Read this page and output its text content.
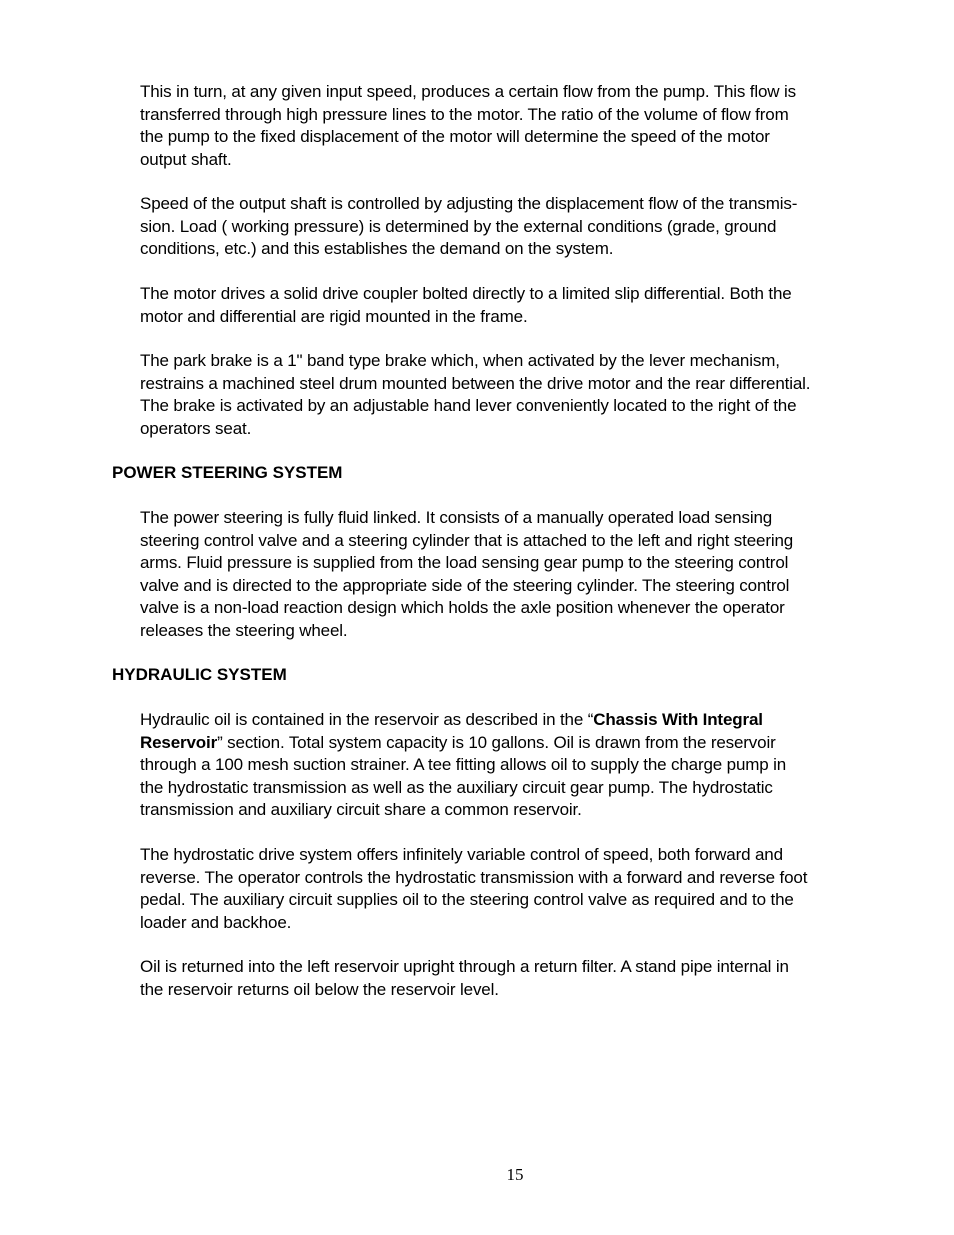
This in turn, at any given input speed, produces a certain flow from the pump. This flow is
transferred through high pressure lines to the motor. The ratio of the volume of flow from
the pump to the fixed displacement of the motor will determine the speed of the motor
output shaft.

Speed of the output shaft is controlled by adjusting the displacement flow of the transmis-
sion. Load ( working pressure) is determined by the external conditions (grade, ground
conditions, etc.) and this establishes the demand on the system.

The motor drives a solid drive coupler bolted directly to a limited slip differential. Both the
motor and differential are rigid mounted in the frame.

The park brake is a 1" band type brake which, when activated by the lever mechanism,
restrains a machined steel drum mounted between the drive motor and the rear differential.
The brake is activated by an adjustable hand lever conveniently located to the right of the
operators seat.

POWER STEERING SYSTEM

The power steering is fully fluid linked. It consists of a manually operated load sensing
steering control valve and a steering cylinder that is attached to the left and right steering
arms. Fluid pressure is supplied from the load sensing gear pump to the steering control
valve and is directed to the appropriate side of the steering cylinder. The steering control
valve is a non-load reaction design which holds the axle position whenever the operator
releases the steering wheel.

HYDRAULIC SYSTEM

Hydraulic oil is contained in the reservoir as described in the “Chassis With Integral
Reservoir” section. Total system capacity is 10 gallons. Oil is drawn from the reservoir
through a 100 mesh suction strainer. A tee fitting allows oil to supply the charge pump in
the hydrostatic transmission as well as the auxiliary circuit gear pump. The hydrostatic
transmission and auxiliary circuit share a common reservoir.

The hydrostatic drive system offers infinitely variable control of speed, both forward and
reverse. The operator controls the hydrostatic transmission with a forward and reverse foot
pedal. The auxiliary circuit supplies oil to the steering control valve as required and to the
loader and backhoe.

Oil is returned into the left reservoir upright through a return filter. A stand pipe internal in
the reservoir returns oil below the reservoir level.

15
